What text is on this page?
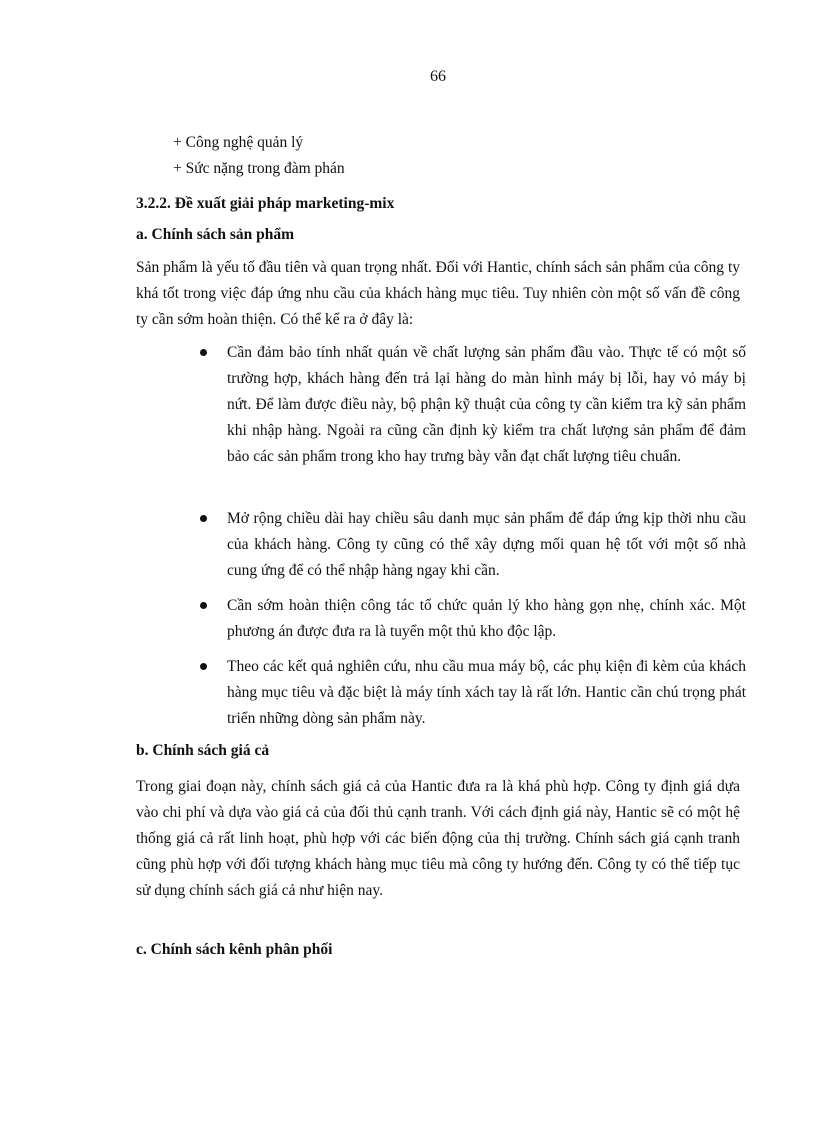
66
+ Công nghệ quản lý
+ Sức nặng trong đàm phán
3.2.2. Đề xuất giải pháp marketing-mix
a. Chính sách sản phẩm

Sản phẩm là yếu tố đầu tiên và quan trọng nhất. Đối với Hantic, chính sách sản phẩm của công ty khá tốt trong việc đáp ứng nhu cầu của khách hàng mục tiêu. Tuy nhiên còn một số vấn đề công ty cần sớm hoàn thiện. Có thể kể ra ở đây là:

Cần đảm bảo tính nhất quán về chất lượng sản phẩm đầu vào. Thực tế có một số trường hợp, khách hàng đến trả lại hàng do màn hình máy bị lỗi, hay vỏ máy bị nứt. Để làm được điều này, bộ phận kỹ thuật của công ty cần kiểm tra kỹ sản phẩm khi nhập hàng. Ngoài ra cũng cần định kỳ kiểm tra chất lượng sản phẩm để đảm bảo các sản phẩm trong kho hay trưng bày vẫn đạt chất lượng tiêu chuẩn.
Mở rộng chiều dài hay chiều sâu danh mục sản phẩm để đáp ứng kịp thời nhu cầu của khách hàng. Công ty cũng có thể xây dựng mối quan hệ tốt với một số nhà cung ứng để có thể nhập hàng ngay khi cần.
Cần sớm hoàn thiện công tác tổ chức quản lý kho hàng gọn nhẹ, chính xác. Một phương án được đưa ra là tuyển một thủ kho độc lập.
Theo các kết quả nghiên cứu, nhu cầu mua máy bộ, các phụ kiện đi kèm của khách hàng mục tiêu và đặc biệt là máy tính xách tay là rất lớn. Hantic cần chú trọng phát triển những dòng sản phẩm này.
b. Chính sách giá cả

Trong giai đoạn này, chính sách giá cả của Hantic đưa ra là khá phù hợp. Công ty định giá dựa vào chi phí và dựa vào giá cả của đối thủ cạnh tranh. Với cách định giá này, Hantic sẽ có một hệ thống giá cả rất linh hoạt, phù hợp với các biến động của thị trường. Chính sách giá cạnh tranh cũng phù hợp với đối tượng khách hàng mục tiêu mà công ty hướng đến. Công ty có thể tiếp tục sử dụng chính sách giá cả như hiện nay.

c. Chính sách kênh phân phối
